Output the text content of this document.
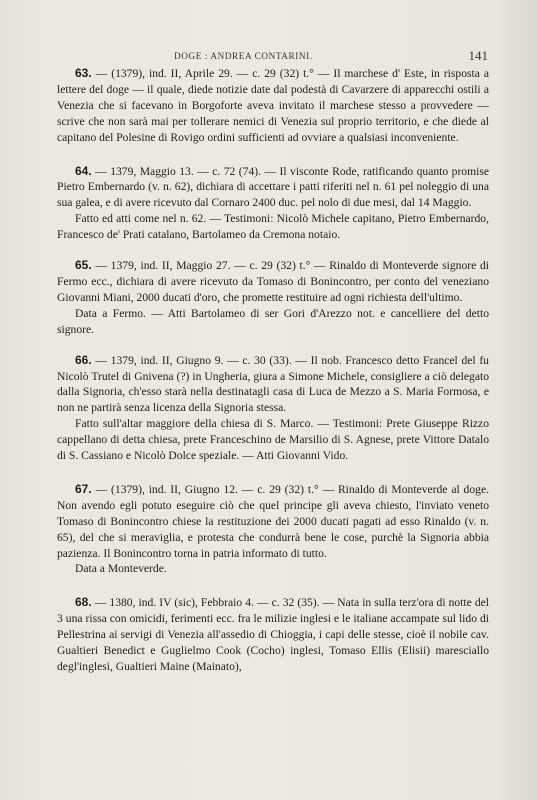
DOGE : ANDREA CONTARINI.	141

63. — (1379), ind. II, Aprile 29. — c. 29 (32) t.° — Il marchese d' Este, in risposta a lettere del doge — il quale, diede notizie date dal podestà di Cavarzere di apparecchi ostili a Venezia che si facevano in Borgoforte aveva invitato il marchese stesso a provvedere — scrive che non sarà mai per tollerare nemici di Venezia sul proprio territorio, e che diede al capitano del Polesine di Rovigo ordini sufficienti ad ovviare a qualsiasi inconveniente.

64. — 1379, Maggio 13. — c. 72 (74). — Il visconte Rode, ratificando quanto promise Pietro Embernardo (v. n. 62), dichiara di accettare i patti riferiti nel n. 61 pel noleggio di una sua galea, e di avere ricevuto dal Cornaro 2400 duc. pel nolo di due mesi, dal 14 Maggio.

Fatto ed atti come nel n. 62. — Testimoni: Nicolò Michele capitano, Pietro Embernardo, Francesco de' Prati catalano, Bartolameo da Cremona notaio.

65. — 1379, ind. II, Maggio 27. — c. 29 (32) t.° — Rinaldo di Monteverde signore di Fermo ecc., dichiara di avere ricevuto da Tomaso di Bonincontro, per conto del veneziano Giovanni Miani, 2000 ducati d'oro, che promette restituire ad ogni richiesta dell'ultimo.

Data a Fermo. — Atti Bartolameo di ser Gori d'Arezzo not. e cancelliere del detto signore.

66. — 1379, ind. II, Giugno 9. — c. 30 (33). — Il nob. Francesco detto Francel del fu Nicolò Trutel di Gnivena (?) in Ungheria, giura a Simone Michele, consigliere a ciò delegato dalla Signoria, ch'esso starà nella destinatagli casa di Luca de Mezzo a S. Maria Formosa, e non ne partirà senza licenza della Signoria stessa.

Fatto sull'altar maggiore della chiesa di S. Marco. — Testimoni: Prete Giuseppe Rizzo cappellano di detta chiesa, prete Franceschino de Marsilio di S. Agnese, prete Vittore Datalo di S. Cassiano e Nicolò Dolce speziale. — Atti Giovanni Vido.

67. — (1379), ind. II, Giugno 12. — c. 29 (32) t.° — Rinaldo di Monteverde al doge. Non avendo egli potuto eseguire ciò che quel principe gli aveva chiesto, l'inviato veneto Tomaso di Bonincontro chiese la restituzione dei 2000 ducati pagati ad esso Rinaldo (v. n. 65), del che si meraviglia, e protesta che condurrà bene le cose, purchè la Signoria abbia pazienza. Il Bonincontro torna in patria informato di tutto.

Data a Monteverde.

68. — 1380, ind. IV (sic), Febbraio 4. — c. 32 (35). — Nata in sulla terz'ora di notte del 3 una rissa con omicidi, ferimenti ecc. fra le milizie inglesi e le italiane accampate sul lido di Pellestrina ai servigi di Venezia all'assedio di Chioggia, i capi delle stesse, cioè il nobile cav. Gualtieri Benedict e Guglielmo Cook (Cocho) inglesi, Tomaso Ellis (Elisii) maresciallo degl'inglesi, Gualtieri Maine (Mainato),
